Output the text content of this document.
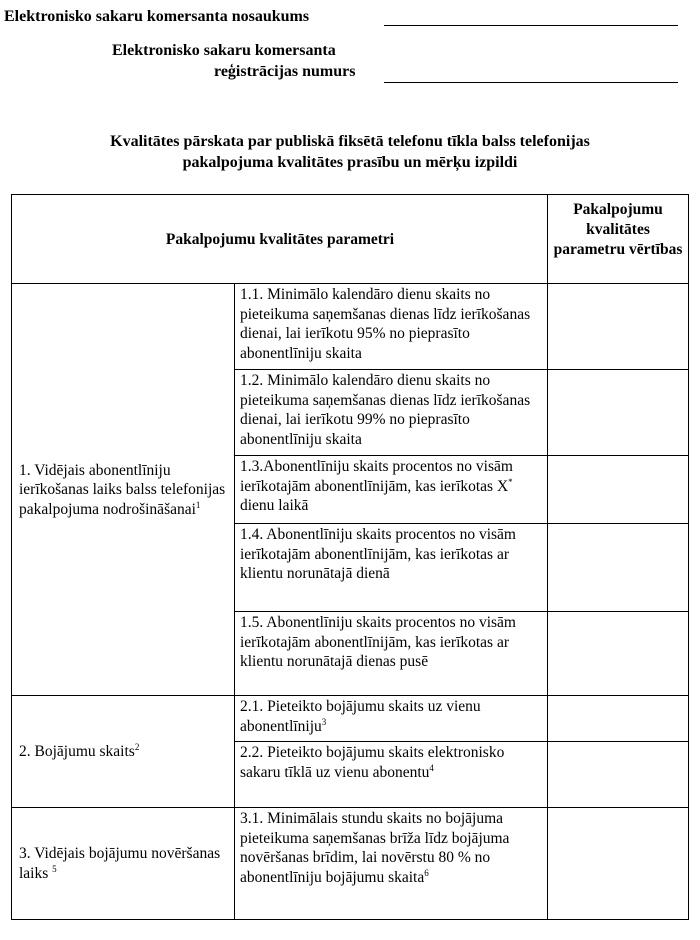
Elektronisko sakaru komersanta nosaukums
Elektronisko sakaru komersanta
reģistrācijas numurs
Kvalitātes pārskata par publiskā fiksētā telefonu tīkla balss telefonijas
pakalpojuma kvalitātes prasību un mērķu izpildi
Pakalpojumu kvalitātes parametri		Pakalpojumu kvalitātes parametru vērtības
1. Vidējais abonentlīniju ierīkošanas laiks balss telefonijas pakalpojuma nodrošināšanai$^1$	1.1. Minimālo kalendāro dienu skaits no pieteikuma saņemšanas dienas līdz ierīkošanas dienai, lai ierīkotu 95% no pieprasīto abonentlīniju skaita	
	1.2. Minimālo kalendāro dienu skaits no pieteikuma saņemšanas dienas līdz ierīkošanas dienai, lai ierīkotu 99% no pieprasīto abonentlīniju skaita	
	1.3.Abonentlīniju skaits procentos no visām ierīkotajām abonentlīnijām, kas ierīkotas X* dienu laikā	
	1.4. Abonentlīniju skaits procentos no visām ierīkotajām abonentlīnijām, kas ierīkotas ar klientu norunātajā dienā	
	1.5. Abonentlīniju skaits procentos no visām ierīkotajām abonentlīnijām, kas ierīkotas ar klientu norunātajā dienas pusē	
2. Bojājumu skaits$^2$	2.1. Pieteikto bojājumu skaits uz vienu abonentlīniju$^3$	
	2.2. Pieteikto bojājumu skaits elektronisko sakaru tīklā uz vienu abonentu$^4$	
3. Vidējais bojājumu novēršanas laiks $^5$	3.1. Minimālais stundu skaits no bojājuma pieteikuma saņemšanas brīža līdz bojājuma novēršanas brīdim, lai novērstu 80 % no abonentlīniju bojājumu skaita$^6$	
